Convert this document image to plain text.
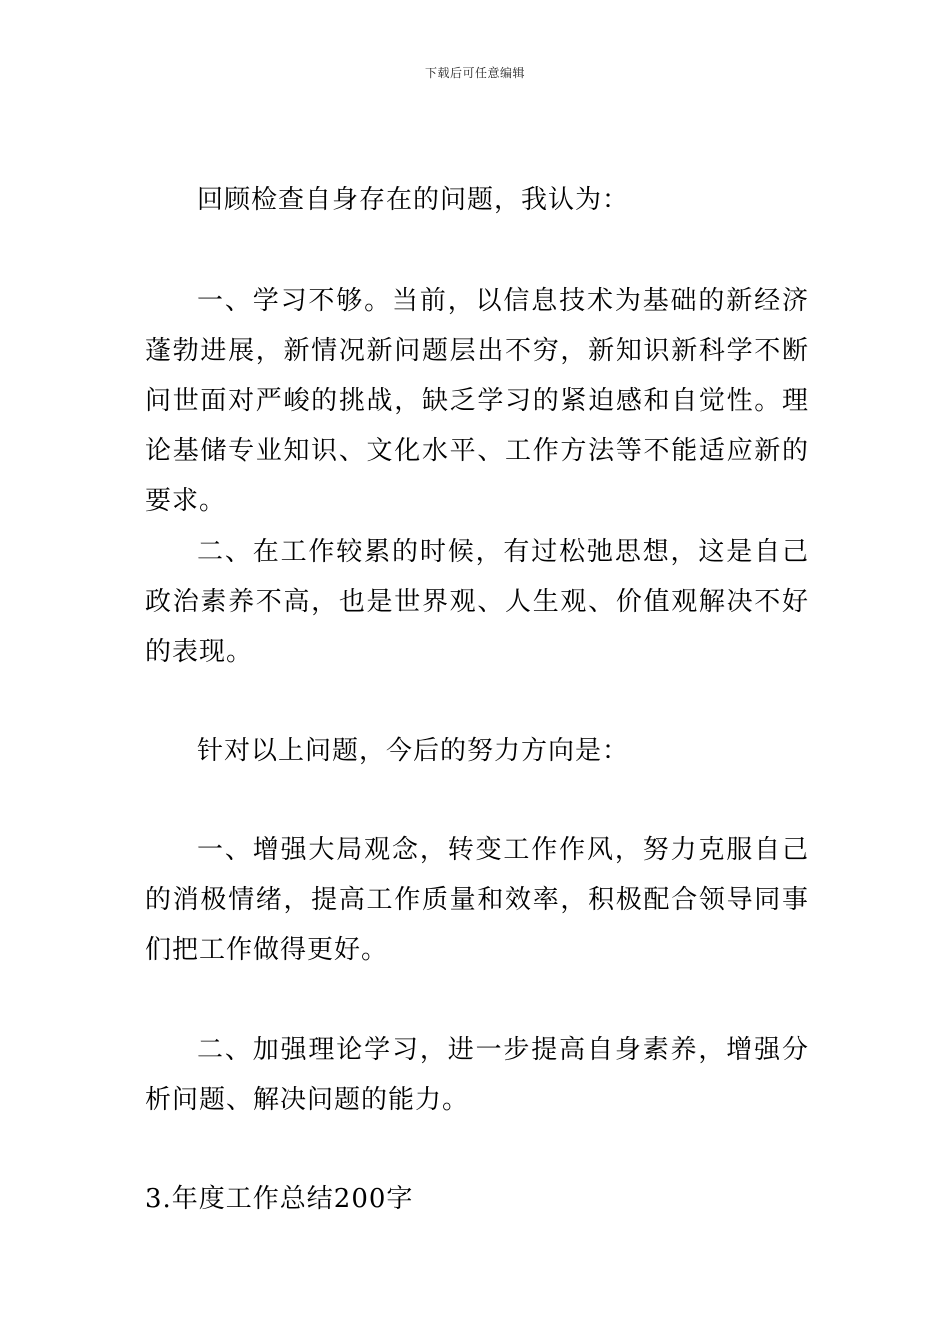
下载后可任意编辑

回顾检查自身存在的问题，我认为：

一、学习不够。当前，以信息技术为基础的新经济蓬勃进展，新情况新问题层出不穷，新知识新科学不断问世面对严峻的挑战，缺乏学习的紧迫感和自觉性。理论基储专业知识、文化水平、工作方法等不能适应新的要求。

二、在工作较累的时候，有过松弛思想，这是自己政治素养不高，也是世界观、人生观、价值观解决不好的表现。

针对以上问题，今后的努力方向是：

一、增强大局观念，转变工作作风，努力克服自己的消极情绪，提高工作质量和效率，积极配合领导同事们把工作做得更好。

二、加强理论学习，进一步提高自身素养，增强分析问题、解决问题的能力。

3.年度工作总结200字
